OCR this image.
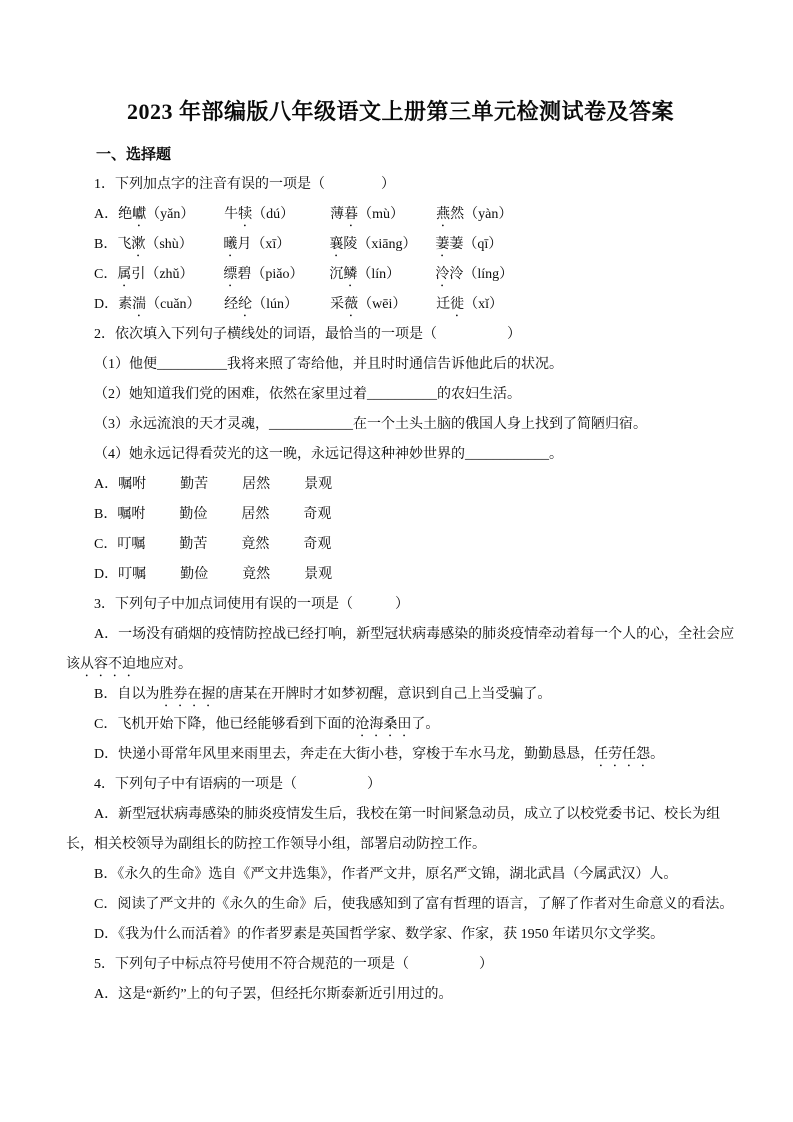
2023 年部编版八年级语文上册第三单元检测试卷及答案
一、选择题

1．下列加点字的注音有误的一项是（　　　　）

A．绝巘（yǎn） 牛犊（dú）	薄暮（mù） 燕然（yàn）

B．飞漱（shù） 曦月（xī）	襄陵（xiāng） 萋萋（qī）

C．属引（zhǔ） 缥碧（piǎo） 沉鳞（lín）	泠泠（líng）

D．素湍（cuǎn） 经纶（lún） 采薇（wēi） 迁徙（xǐ）

2．依次填入下列句子横线处的词语，最恰当的一项是（　　　　　）

（1）他便__________我将来照了寄给他，并且时时通信告诉他此后的状况。

（2）她知道我们党的困难，依然在家里过着__________的农妇生活。

（3）永远流浪的天才灵魂，____________在一个土头土脑的俄国人身上找到了简陋归宿。

（4）她永远记得看荧光的这一晚，永远记得这种神妙世界的____________。

A．嘱咐 勤苦 居然 景观

B．嘱咐 勤俭 居然 奇观

C．叮嘱 勤苦 竟然 奇观

D．叮嘱 勤俭 竟然 景观

3．下列句子中加点词使用有误的一项是（　　　）

A．一场没有硝烟的疫情防控战已经打响，新型冠状病毒感染的肺炎疫情牵动着每一个人的心，全社会应该从容不迫地应对。

B．自以为胜券在握的唐某在开牌时才如梦初醒，意识到自己上当受骗了。

C．飞机开始下降，他已经能够看到下面的沧海桑田了。

D．快递小哥常年风里来雨里去，奔走在大街小巷，穿梭于车水马龙，勤勤恳恳，任劳任怨。

4．下列句子中有语病的一项是（　　　　　）

A．新型冠状病毒感染的肺炎疫情发生后，我校在第一时间紧急动员，成立了以校党委书记、校长为组长，相关校领导为副组长的防控工作领导小组，部署启动防控工作。

B．《永久的生命》选自《严文井选集》，作者严文井，原名严文锦，湖北武昌（今属武汉）人。

C．阅读了严文井的《永久的生命》后，使我感知到了富有哲理的语言，了解了作者对生命意义的看法。

D．《我为什么而活着》的作者罗素是英国哲学家、数学家、作家，获 1950 年诺贝尔文学奖。

5．下列句子中标点符号使用不符合规范的一项是（　　　　　）

A．这是“新约”上的句子罢，但经托尔斯泰新近引用过的。
